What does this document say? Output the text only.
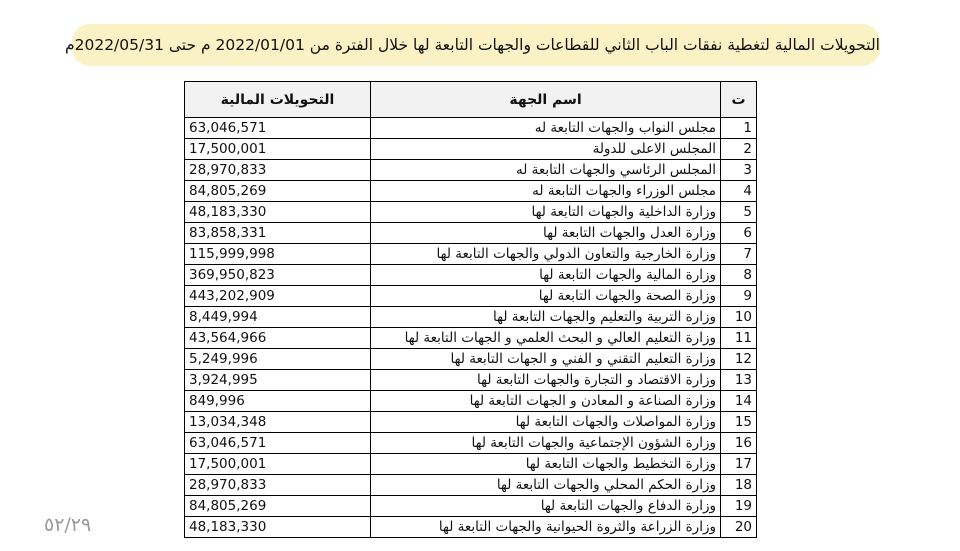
التحويلات المالية لتغطية نفقات الباب الثاني للقطاعات والجهات التابعة لها خلال الفترة من 2022/01/01 م حتى 2022/05/31م
ت	اسم الجهة	التحويلات المالية
1	مجلس النواب والجهات التابعة له	63,046,571
2	المجلس الاعلى للدولة	17,500,001
3	المجلس الرئاسي والجهات التابعة له	28,970,833
4	مجلس الوزراء والجهات التابعة له	84,805,269
5	وزارة الداخلية والجهات التابعة لها	48,183,330
6	وزارة العدل والجهات التابعة لها	83,858,331
7	وزارة الخارجية والتعاون الدولي والجهات التابعة لها	115,999,998
8	وزارة المالية والجهات التابعة لها	369,950,823
9	وزارة الصحة والجهات التابعة لها	443,202,909
10	وزارة التربية والتعليم والجهات التابعة لها	8,449,994
11	وزارة التعليم العالي و البحث العلمي و الجهات التابعة لها	43,564,966
12	وزارة التعليم التقني و الفني و الجهات التابعة لها	5,249,996
13	وزارة الاقتصاد و التجارة والجهات التابعة لها	3,924,995
14	وزارة الصناعة و المعادن و الجهات التابعة لها	849,996
15	وزارة المواصلات والجهات التابعة لها	13,034,348
16	وزارة الشؤون الإجتماعية والجهات التابعة لها	63,046,571
17	وزارة التخطيط والجهات التابعة لها	17,500,001
18	وزارة الحكم المحلي والجهات التابعة لها	28,970,833
19	وزارة الدفاع والجهات التابعة لها	84,805,269
20	وزارة الزراعة والثروة الحيوانية والجهات التابعة لها	48,183,330
٥٢/٢٩
